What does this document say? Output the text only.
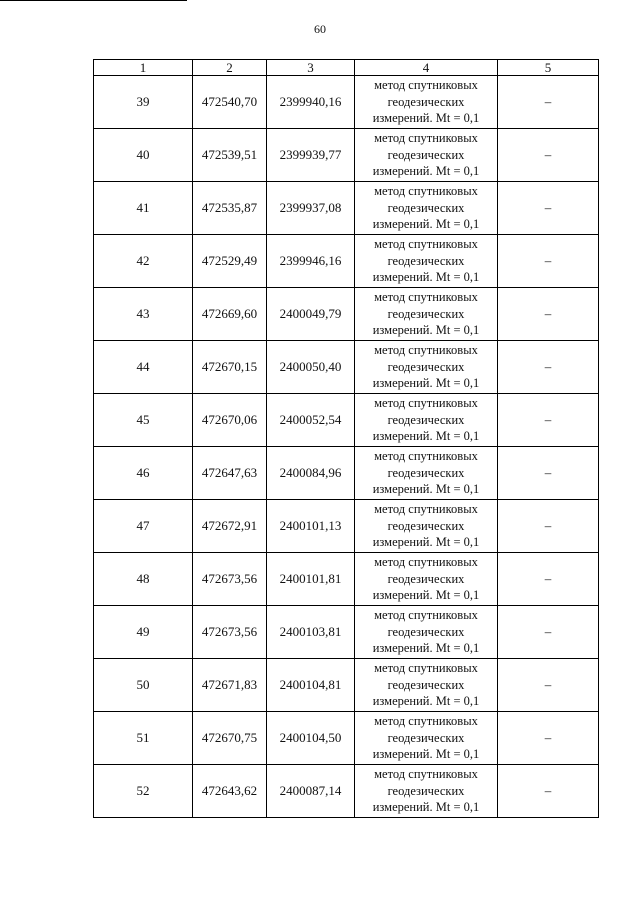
60
1	2	3	4	5
39	472540,70	2399940,16	метод спутниковых
геодезических
измерений. Mt = 0,1	–
40	472539,51	2399939,77	метод спутниковых
геодезических
измерений. Mt = 0,1	–
41	472535,87	2399937,08	метод спутниковых
геодезических
измерений. Mt = 0,1	–
42	472529,49	2399946,16	метод спутниковых
геодезических
измерений. Mt = 0,1	–
43	472669,60	2400049,79	метод спутниковых
геодезических
измерений. Mt = 0,1	–
44	472670,15	2400050,40	метод спутниковых
геодезических
измерений. Mt = 0,1	–
45	472670,06	2400052,54	метод спутниковых
геодезических
измерений. Mt = 0,1	–
46	472647,63	2400084,96	метод спутниковых
геодезических
измерений. Mt = 0,1	–
47	472672,91	2400101,13	метод спутниковых
геодезических
измерений. Mt = 0,1	–
48	472673,56	2400101,81	метод спутниковых
геодезических
измерений. Mt = 0,1	–
49	472673,56	2400103,81	метод спутниковых
геодезических
измерений. Mt = 0,1	–
50	472671,83	2400104,81	метод спутниковых
геодезических
измерений. Mt = 0,1	–
51	472670,75	2400104,50	метод спутниковых
геодезических
измерений. Mt = 0,1	–
52	472643,62	2400087,14	метод спутниковых
геодезических
измерений. Mt = 0,1	–
